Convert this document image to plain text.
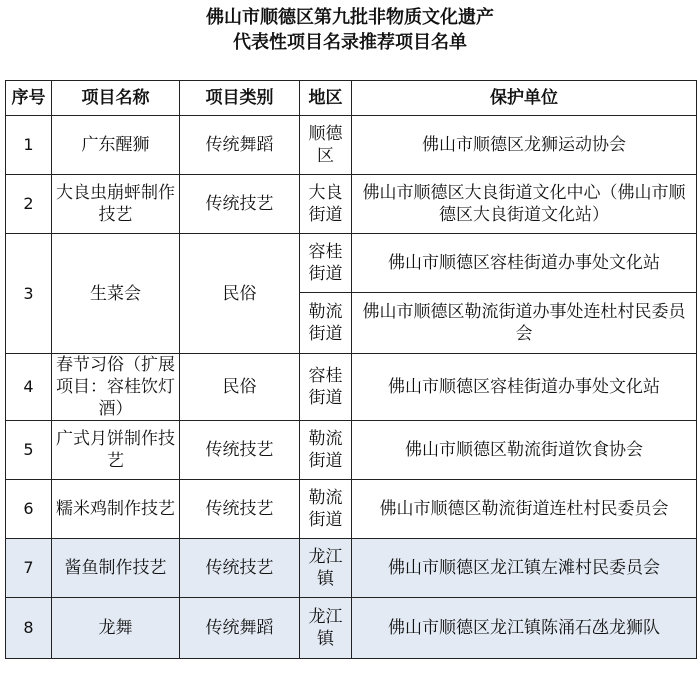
佛山市顺德区第九批非物质文化遗产
代表性项目名录推荐项目名单
序号	项目名称	项目类别	地区	保护单位
1	广东醒狮	传统舞蹈	顺德区	佛山市顺德区龙狮运动协会
2	大良虫崩蚲制作技艺	传统技艺	大良街道	佛山市顺德区大良街道文化中心（佛山市顺德区大良街道文化站）
3	生菜会	民俗	容桂街道	佛山市顺德区容桂街道办事处文化站
			勒流街道	佛山市顺德区勒流街道办事处连杜村民委员会
4	春节习俗（扩展项目：容桂饮灯酒）	民俗	容桂街道	佛山市顺德区容桂街道办事处文化站
5	广式月饼制作技艺	传统技艺	勒流街道	佛山市顺德区勒流街道饮食协会
6	糯米鸡制作技艺	传统技艺	勒流街道	佛山市顺德区勒流街道连杜村民委员会
7	酱鱼制作技艺	传统技艺	龙江镇	佛山市顺德区龙江镇左滩村民委员会
8	龙舞	传统舞蹈	龙江镇	佛山市顺德区龙江镇陈涌石氹龙狮队
